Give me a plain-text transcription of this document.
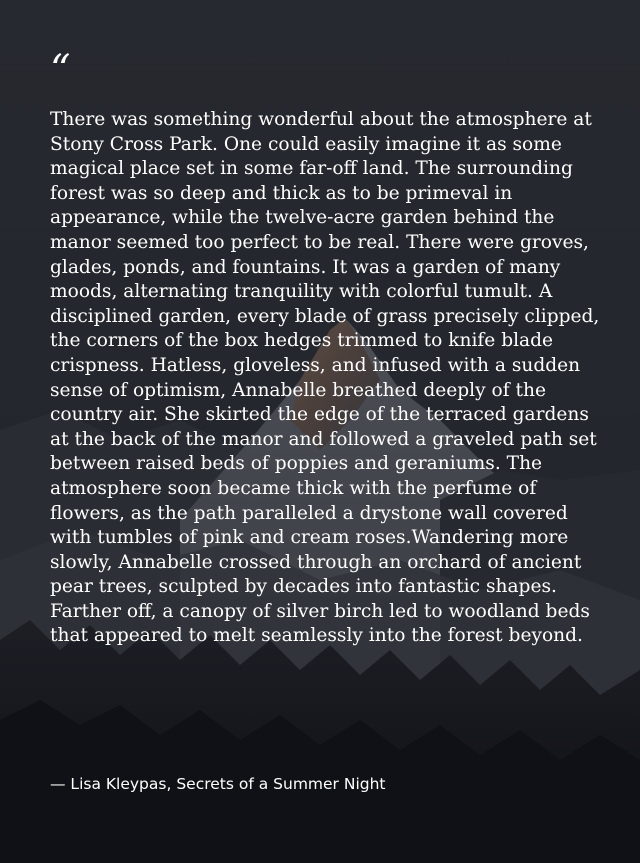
“

There was something wonderful about the atmosphere at Stony Cross Park. One could easily imagine it as some magical place set in some far-off land. The surrounding forest was so deep and thick as to be primeval in appearance, while the twelve-acre garden behind the manor seemed too perfect to be real. There were groves, glades, ponds, and fountains. It was a garden of many moods, alternating tranquility with colorful tumult. A disciplined garden, every blade of grass precisely clipped, the corners of the box hedges trimmed to knife blade crispness. Hatless, gloveless, and infused with a sudden sense of optimism, Annabelle breathed deeply of the country air. She skirted the edge of the terraced gardens at the back of the manor and followed a graveled path set between raised beds of poppies and geraniums. The atmosphere soon became thick with the perfume of flowers, as the path paralleled a drystone wall covered with tumbles of pink and cream roses.Wandering more slowly, Annabelle crossed through an orchard of ancient pear trees, sculpted by decades into fantastic shapes. Farther off, a canopy of silver birch led to woodland beds that appeared to melt seamlessly into the forest beyond.

— Lisa Kleypas, Secrets of a Summer Night
